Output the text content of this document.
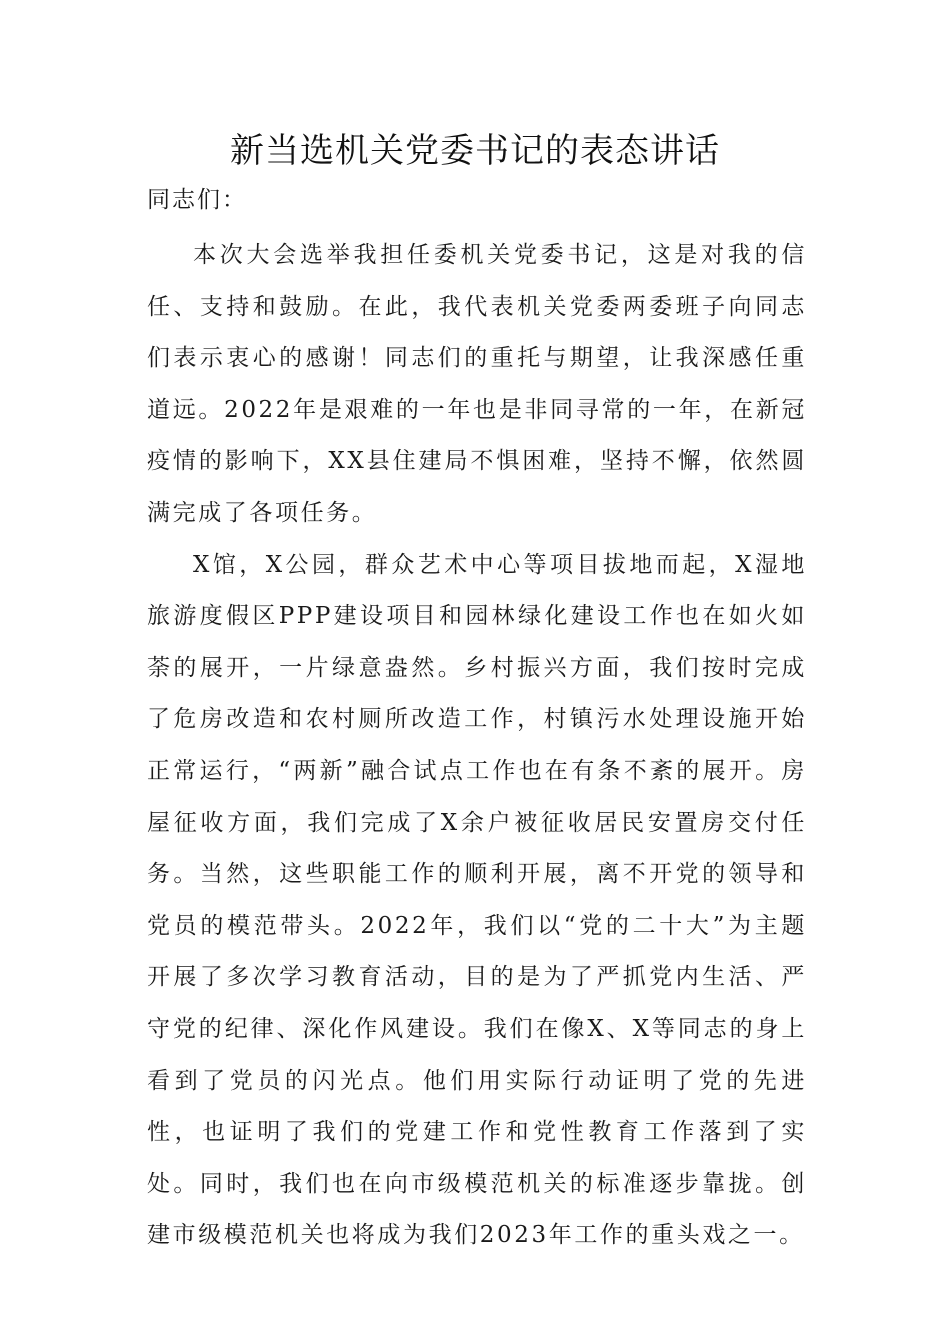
新当选机关党委书记的表态讲话
同志们：

本次大会选举我担任委机关党委书记，这是对我的信任、支持和鼓励。在此，我代表机关党委两委班子向同志们表示衷心的感谢！同志们的重托与期望，让我深感任重道远。2022年是艰难的一年也是非同寻常的一年，在新冠疫情的影响下，XX县住建局不惧困难，坚持不懈，依然圆满完成了各项任务。

X馆，X公园，群众艺术中心等项目拔地而起，X湿地旅游度假区PPP建设项目和园林绿化建设工作也在如火如荼的展开，一片绿意盎然。乡村振兴方面，我们按时完成了危房改造和农村厕所改造工作，村镇污水处理设施开始正常运行，“两新”融合试点工作也在有条不紊的展开。房屋征收方面，我们完成了X余户被征收居民安置房交付任务。当然，这些职能工作的顺利开展，离不开党的领导和党员的模范带头。2022年，我们以“党的二十大”为主题开展了多次学习教育活动，目的是为了严抓党内生活、严守党的纪律、深化作风建设。我们在像X、X等同志的身上看到了党员的闪光点。他们用实际行动证明了党的先进性，也证明了我们的党建工作和党性教育工作落到了实处。同时，我们也在向市级模范机关的标准逐步靠拢。创建市级模范机关也将成为我们2023年工作的重头戏之一。
